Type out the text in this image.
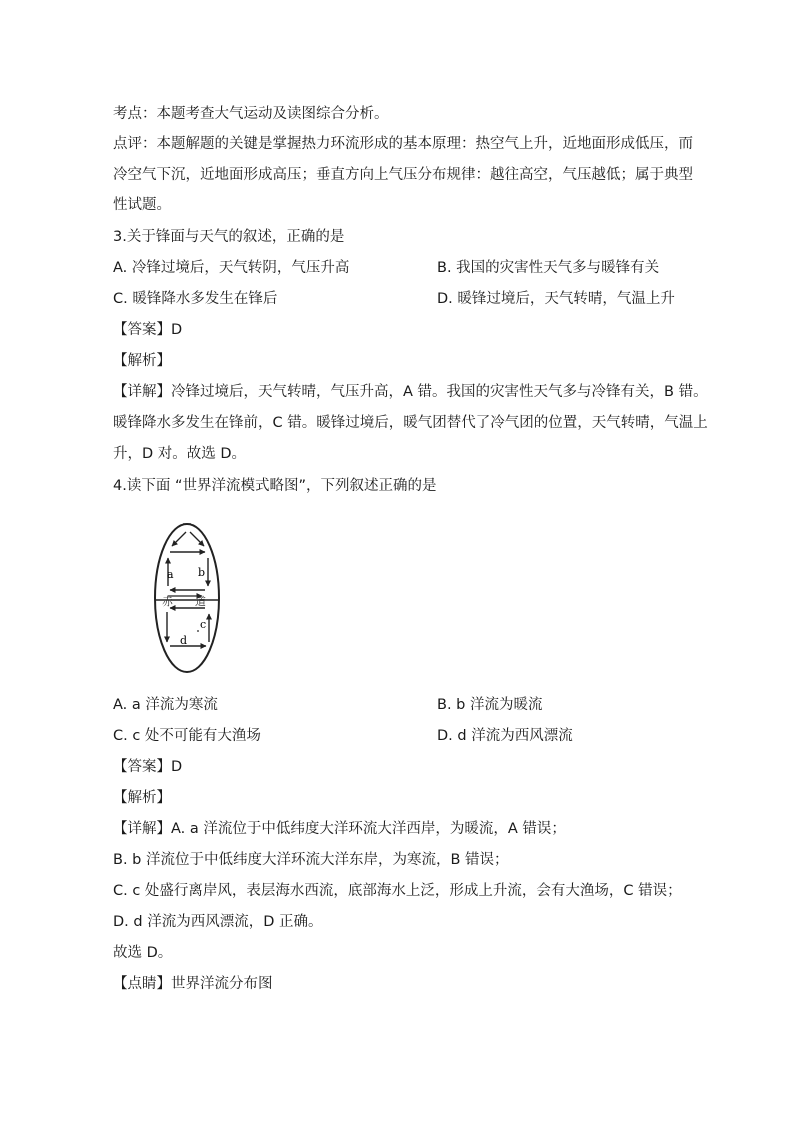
考点：本题考查大气运动及读图综合分析。
点评：本题解题的关键是掌握热力环流形成的基本原理：热空气上升，近地面形成低压，而
冷空气下沉，近地面形成高压；垂直方向上气压分布规律：越往高空，气压越低；属于典型
性试题。
3.关于锋面与天气的叙述，正确的是
A. 冷锋过境后，天气转阴，气压升高	B. 我国的灾害性天气多与暖锋有关
C. 暖锋降水多发生在锋后	D. 暖锋过境后，天气转晴，气温上升
【答案】D
【解析】
【详解】冷锋过境后，天气转晴，气压升高，A 错。我国的灾害性天气多与冷锋有关，B 错。
暖锋降水多发生在锋前，C 错。暖锋过境后，暖气团替代了冷气团的位置，天气转晴，气温上
升，D 对。故选 D。
4.读下面 “世界洋流模式略图”，下列叙述正确的是
a b
赤 道
c
d
A. a 洋流为寒流	B. b 洋流为暖流
C. c 处不可能有大渔场	D. d 洋流为西风漂流
【答案】D
【解析】
【详解】A. a 洋流位于中低纬度大洋环流大洋西岸，为暖流，A 错误；
B. b 洋流位于中低纬度大洋环流大洋东岸，为寒流，B 错误；
C. c 处盛行离岸风，表层海水西流，底部海水上泛，形成上升流，会有大渔场，C 错误；
D. d 洋流为西风漂流，D 正确。
故选 D。
【点睛】世界洋流分布图
